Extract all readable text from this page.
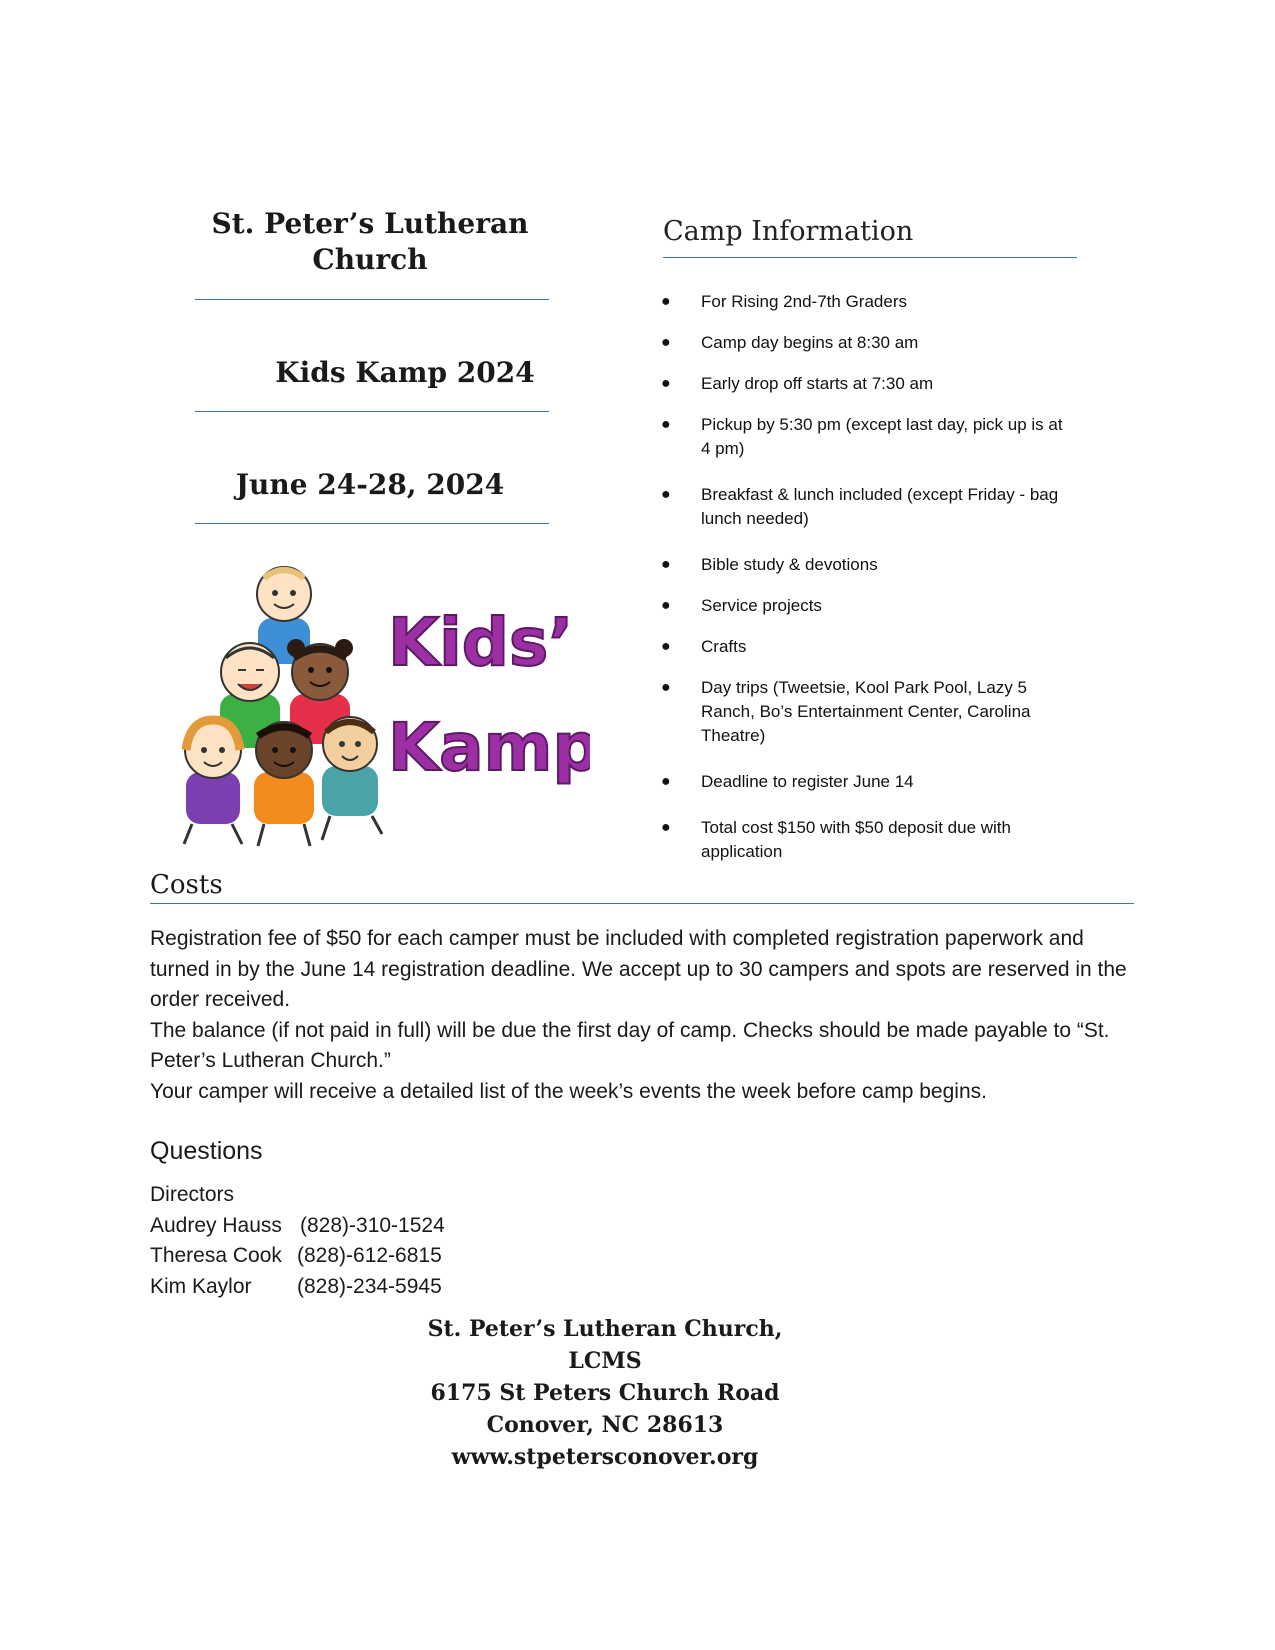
St. Peter’s Lutheran Church
Kids Kamp 2024
June 24-28, 2024
Kids’
Kamp
Camp Information
● For Rising 2nd-7th Graders
● Camp day begins at 8:30 am
● Early drop off starts at 7:30 am
● Pickup by 5:30 pm (except last day, pick up is at 4 pm)
● Breakfast & lunch included (except Friday - bag lunch needed)
● Bible study & devotions
● Service projects
● Crafts
● Day trips (Tweetsie, Kool Park Pool, Lazy 5 Ranch, Bo’s Entertainment Center, Carolina Theatre)
● Deadline to register June 14
● Total cost $150 with $50 deposit due with application
Costs

Registration fee of $50 for each camper must be included with completed registration paperwork and turned in by the June 14 registration deadline. We accept up to 30 campers and spots are reserved in the order received.

The balance (if not paid in full) will be due the first day of camp. Checks should be made payable to “St. Peter’s Lutheran Church.”

Your camper will receive a detailed list of the week’s events the week before camp begins.

Questions
Directors
Audrey Hauss (828)-310-1524
Theresa Cook (828)-612-6815
Kim Kaylor	(828)-234-5945
St. Peter’s Lutheran Church,
LCMS
6175 St Peters Church Road
Conover, NC 28613
www.stpetersconover.org
